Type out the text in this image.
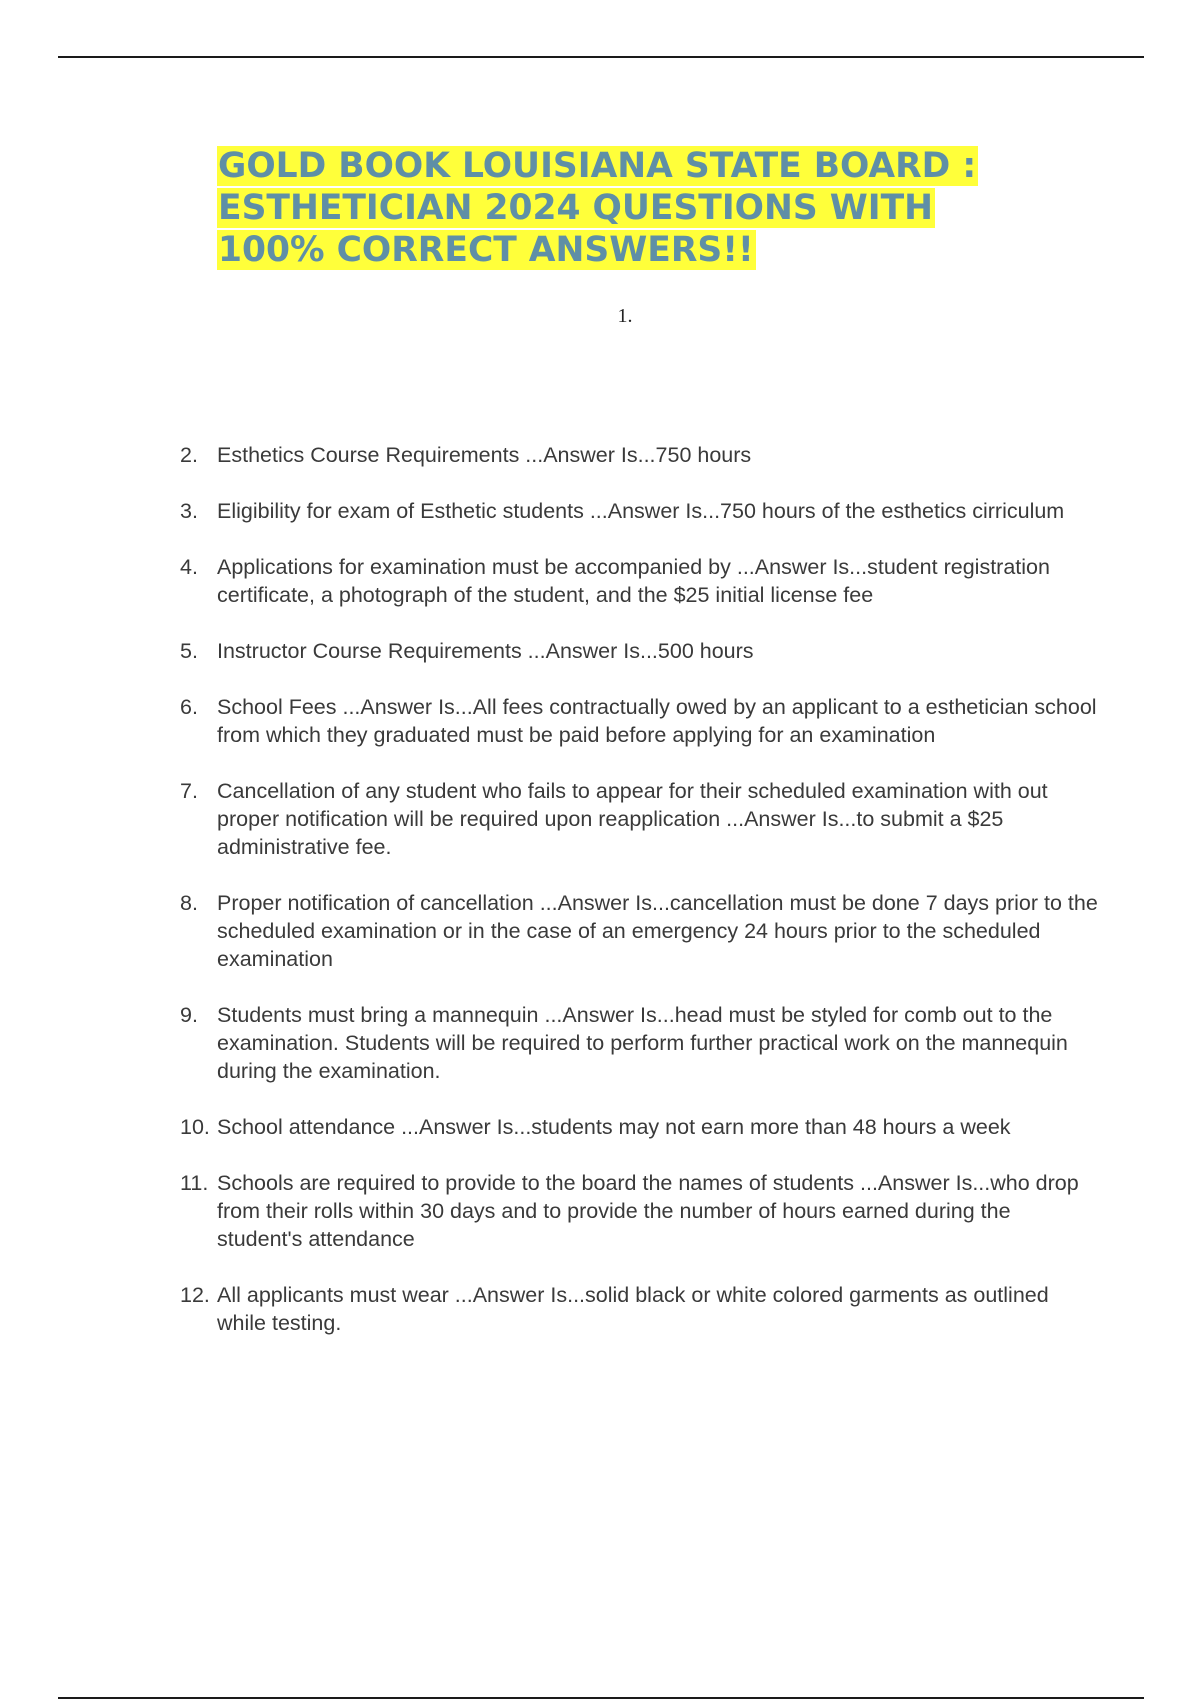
GOLD BOOK LOUISIANA STATE BOARD :
ESTHETICIAN 2024 QUESTIONS WITH
100% CORRECT ANSWERS!!
1.
2. Esthetics Course Requirements ...Answer Is...750 hours
3. Eligibility for exam of Esthetic students ...Answer Is...750 hours of the esthetics cirriculum
4. Applications for examination must be accompanied by ...Answer Is...student registration certificate, a photograph of the student, and the $25 initial license fee
5. Instructor Course Requirements ...Answer Is...500 hours
6. School Fees ...Answer Is...All fees contractually owed by an applicant to a esthetician school from which they graduated must be paid before applying for an examination
7. Cancellation of any student who fails to appear for their scheduled examination with out proper notification will be required upon reapplication ...Answer Is...to submit a $25 administrative fee.
8. Proper notification of cancellation ...Answer Is...cancellation must be done 7 days prior to the scheduled examination or in the case of an emergency 24 hours prior to the scheduled examination
9. Students must bring a mannequin ...Answer Is...head must be styled for comb out to the examination. Students will be required to perform further practical work on the mannequin during the examination.
10. School attendance ...Answer Is...students may not earn more than 48 hours a week
11. Schools are required to provide to the board the names of students ...Answer Is...who drop from their rolls within 30 days and to provide the number of hours earned during the student's attendance
12. All applicants must wear ...Answer Is...solid black or white colored garments as outlined while testing.
